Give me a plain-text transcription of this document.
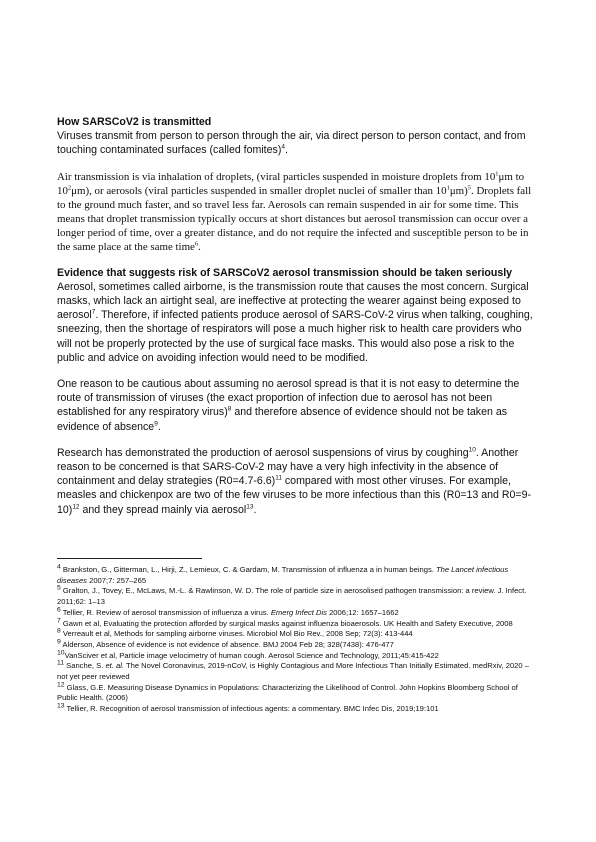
How SARSCoV2 is transmitted

Viruses transmit from person to person through the air, via direct person to person contact, and from touching contaminated surfaces (called fomites)$^4$.

Air transmission is via inhalation of droplets, (viral particles suspended in moisture droplets from $10^1\mu m$ to $10^2\mu m$), or aerosols (viral particles suspended in smaller droplet nuclei of smaller than $10^1\mu m)^5$. Droplets fall to the ground much faster, and so travel less far. Aerosols can remain suspended in air for some time. This means that droplet transmission typically occurs at short distances but aerosol transmission can occur over a longer period of time, over a greater distance, and do not require the infected and susceptible person to be in the same place at the same time$^6$.

Evidence that suggests risk of SARSCoV2 aerosol transmission should be taken seriously

Aerosol, sometimes called airborne, is the transmission route that causes the most concern. Surgical masks, which lack an airtight seal, are ineffective at protecting the wearer against being exposed to aerosol$^7$. Therefore, if infected patients produce aerosol of SARS-CoV-2 virus when talking, coughing, sneezing, then the shortage of respirators will pose a much higher risk to health care providers who will not be properly protected by the use of surgical face masks. This would also pose a risk to the public and advice on avoiding infection would need to be modified.

One reason to be cautious about assuming no aerosol spread is that it is not easy to determine the route of transmission of viruses (the exact proportion of infection due to aerosol has not been established for any respiratory virus)$^8$ and therefore absence of evidence should not be taken as evidence of absence$^9$.

Research has demonstrated the production of aerosol suspensions of virus by coughing$^{10}$. Another reason to be concerned is that SARS-CoV-2 may have a very high infectivity in the absence of containment and delay strategies (R0=4.7-6.6)$^{11}$ compared with most other viruses. For example, measles and chickenpox are two of the few viruses to be more infectious than this (R0=13 and R0=9-10)$^{12}$ and they spread mainly via aerosol$^{13}$.

$^4$ Brankston, G., Gitterman, L., Hirji, Z., Lemieux, C. & Gardam, M. Transmission of influenza a in human beings. The Lancet infectious diseases 2007;7: 257–265

$^5$ Gralton, J., Tovey, E., McLaws, M.-L. & Rawlinson, W. D. The role of particle size in aerosolised pathogen transmission: a review. J. Infect. 2011;62: 1–13

$^6$ Tellier, R. Review of aerosol transmission of influenza a virus. Emerg Infect Dis 2006;12: 1657–1662

$^7$ Gawn et al, Evaluating the protection afforded by surgical masks against influenza bioaerosols. UK Health and Safety Executive, 2008

$^8$ Verreault et al, Methods for sampling airborne viruses. Microbiol Mol Bio Rev., 2008 Sep; 72(3): 413-444

$^9$ Alderson, Absence of evidence is not evidence of absence. BMJ 2004 Feb 28; 328(7438): 476-477

$^{10}$VanSciver et al, Particle image velocimetry of human cough. Aerosol Science and Technology, 2011;45:415-422

$^{11}$ Sanche, S. et. al. The Novel Coronavirus, 2019-nCoV, is Highly Contagious and More Infectious Than Initially Estimated. medRxiv, 2020 – not yet peer reviewed

$^{12}$ Glass, G.E. Measuring Disease Dynamics in Populations: Characterizing the Likelihood of Control. John Hopkins Bloomberg School of Public Health. (2006)

$^{13}$ Tellier, R. Recognition of aerosol transmission of infectious agents: a commentary. BMC Infec Dis, 2019;19:101
